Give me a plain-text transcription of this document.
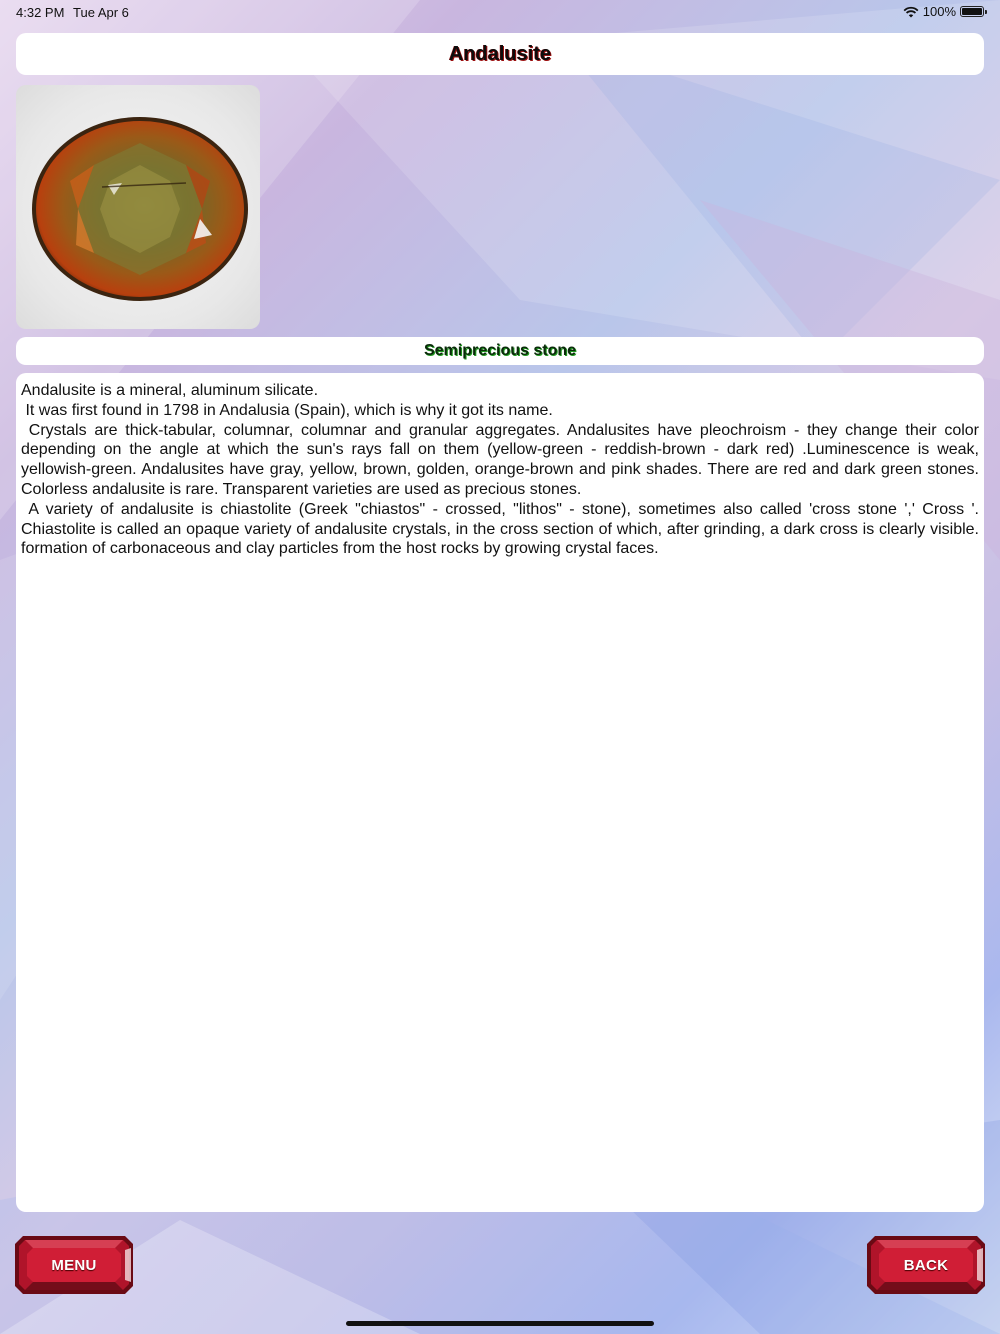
4:32 PM Tue Apr 6	100%
Andalusite
Semiprecious stone

Andalusite is a mineral, aluminum silicate.

It was first found in 1798 in Andalusia (Spain), which is why it got its name.

Crystals are thick-tabular, columnar, columnar and granular aggregates. Andalusites have pleochroism - they change their color depending on the angle at which the sun's rays fall on them (yellow-green - reddish-brown - dark red) .Luminescence is weak, yellowish-green. Andalusites have gray, yellow, brown, golden, orange-brown and pink shades. There are red and dark green stones. Colorless andalusite is rare. Transparent varieties are used as precious stones.

A variety of andalusite is chiastolite (Greek "chiastos" - crossed, "lithos" - stone), sometimes also called 'cross stone ',' Cross '. Chiastolite is called an opaque variety of andalusite crystals, in the cross section of which, after grinding, a dark cross is clearly visible. formation of carbonaceous and clay particles from the host rocks by growing crystal faces.

MENU	BACK
